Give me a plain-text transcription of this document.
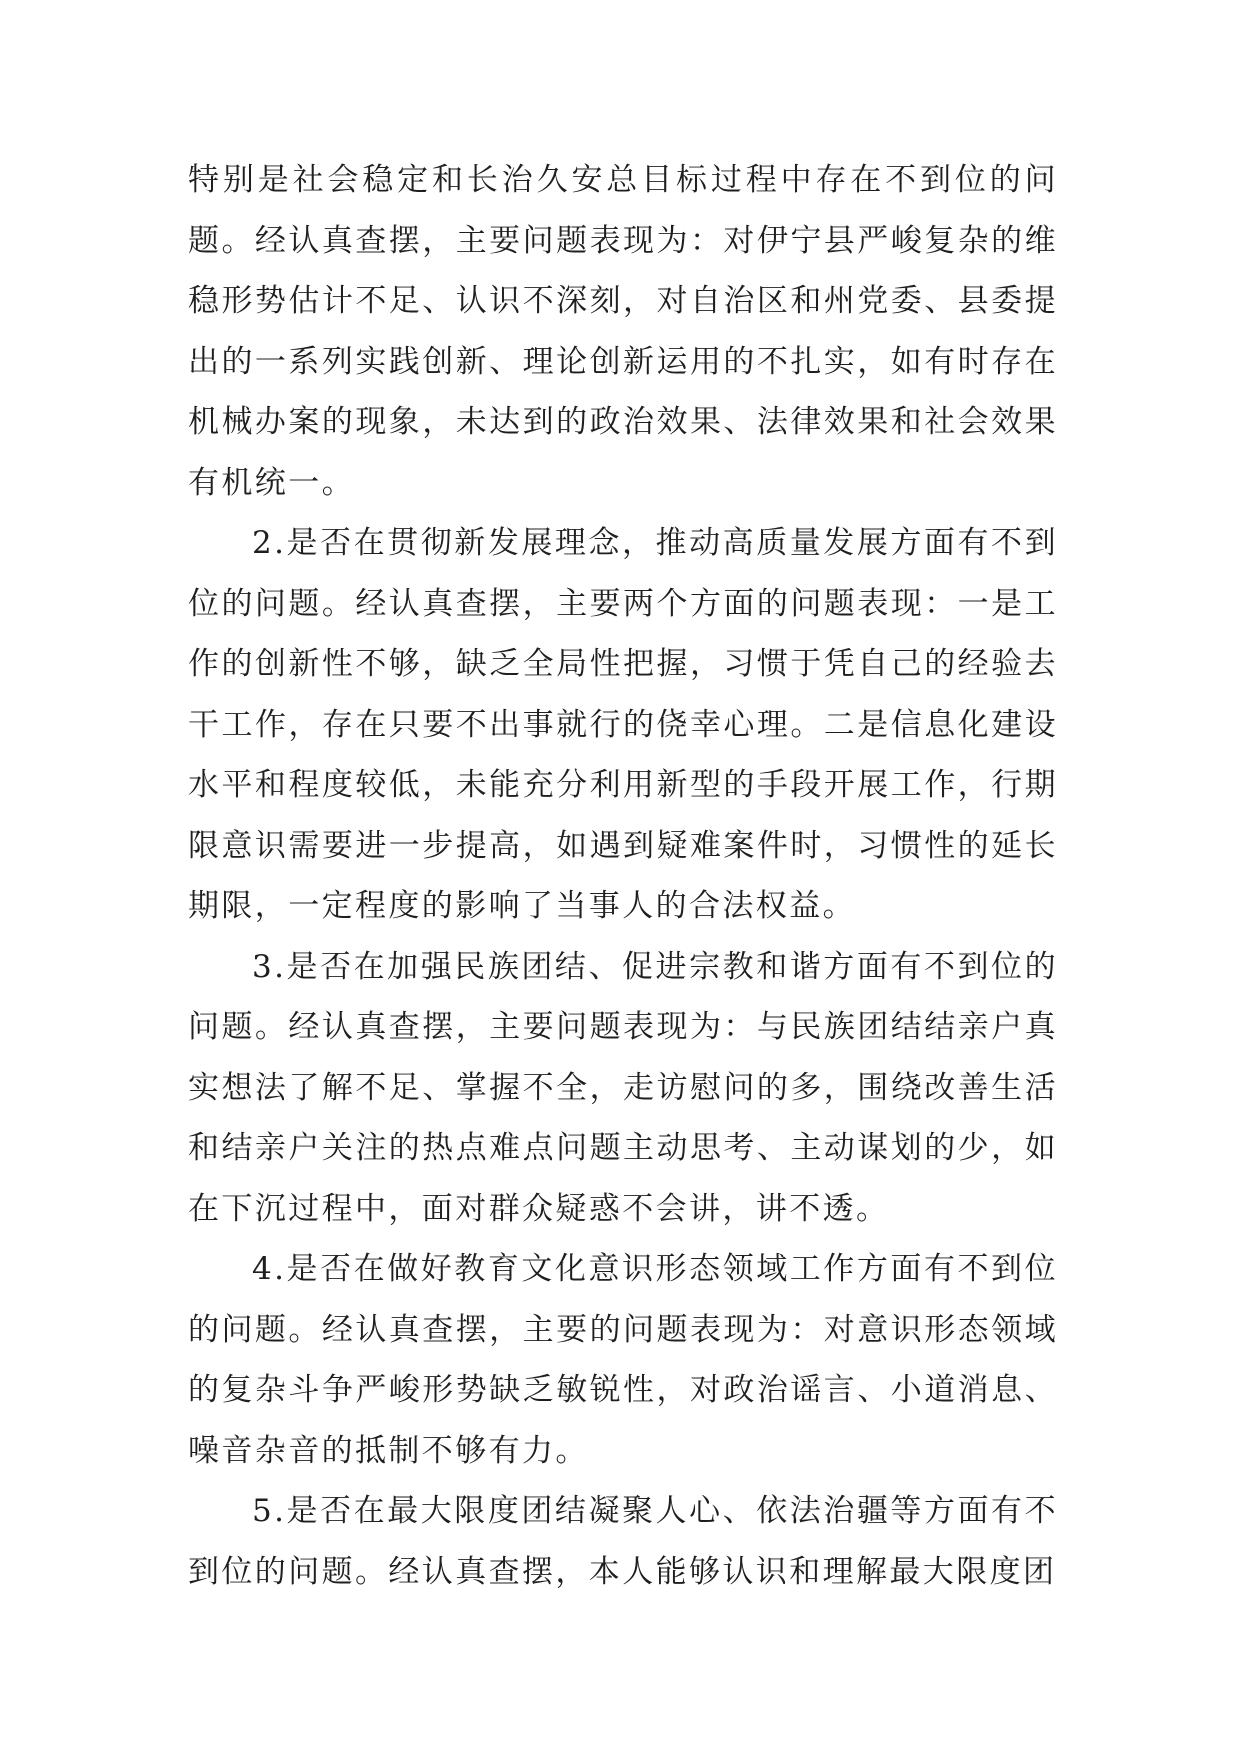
特别是社会稳定和长治久安总目标过程中存在不到位的问题。经认真查摆，主要问题表现为：对伊宁县严峻复杂的维稳形势估计不足、认识不深刻，对自治区和州党委、县委提出的一系列实践创新、理论创新运用的不扎实，如有时存在机械办案的现象，未达到的政治效果、法律效果和社会效果有机统一。

2.是否在贯彻新发展理念，推动高质量发展方面有不到位的问题。经认真查摆，主要两个方面的问题表现：一是工作的创新性不够，缺乏全局性把握，习惯于凭自己的经验去干工作，存在只要不出事就行的侥幸心理。二是信息化建设水平和程度较低，未能充分利用新型的手段开展工作，行期限意识需要进一步提高，如遇到疑难案件时，习惯性的延长期限，一定程度的影响了当事人的合法权益。

3.是否在加强民族团结、促进宗教和谐方面有不到位的问题。经认真查摆，主要问题表现为：与民族团结结亲户真实想法了解不足、掌握不全，走访慰问的多，围绕改善生活和结亲户关注的热点难点问题主动思考、主动谋划的少，如在下沉过程中，面对群众疑惑不会讲，讲不透。

4.是否在做好教育文化意识形态领域工作方面有不到位的问题。经认真查摆，主要的问题表现为：对意识形态领域的复杂斗争严峻形势缺乏敏锐性，对政治谣言、小道消息、噪音杂音的抵制不够有力。

5.是否在最大限度团结凝聚人心、依法治疆等方面有不到位的问题。经认真查摆，本人能够认识和理解最大限度团
